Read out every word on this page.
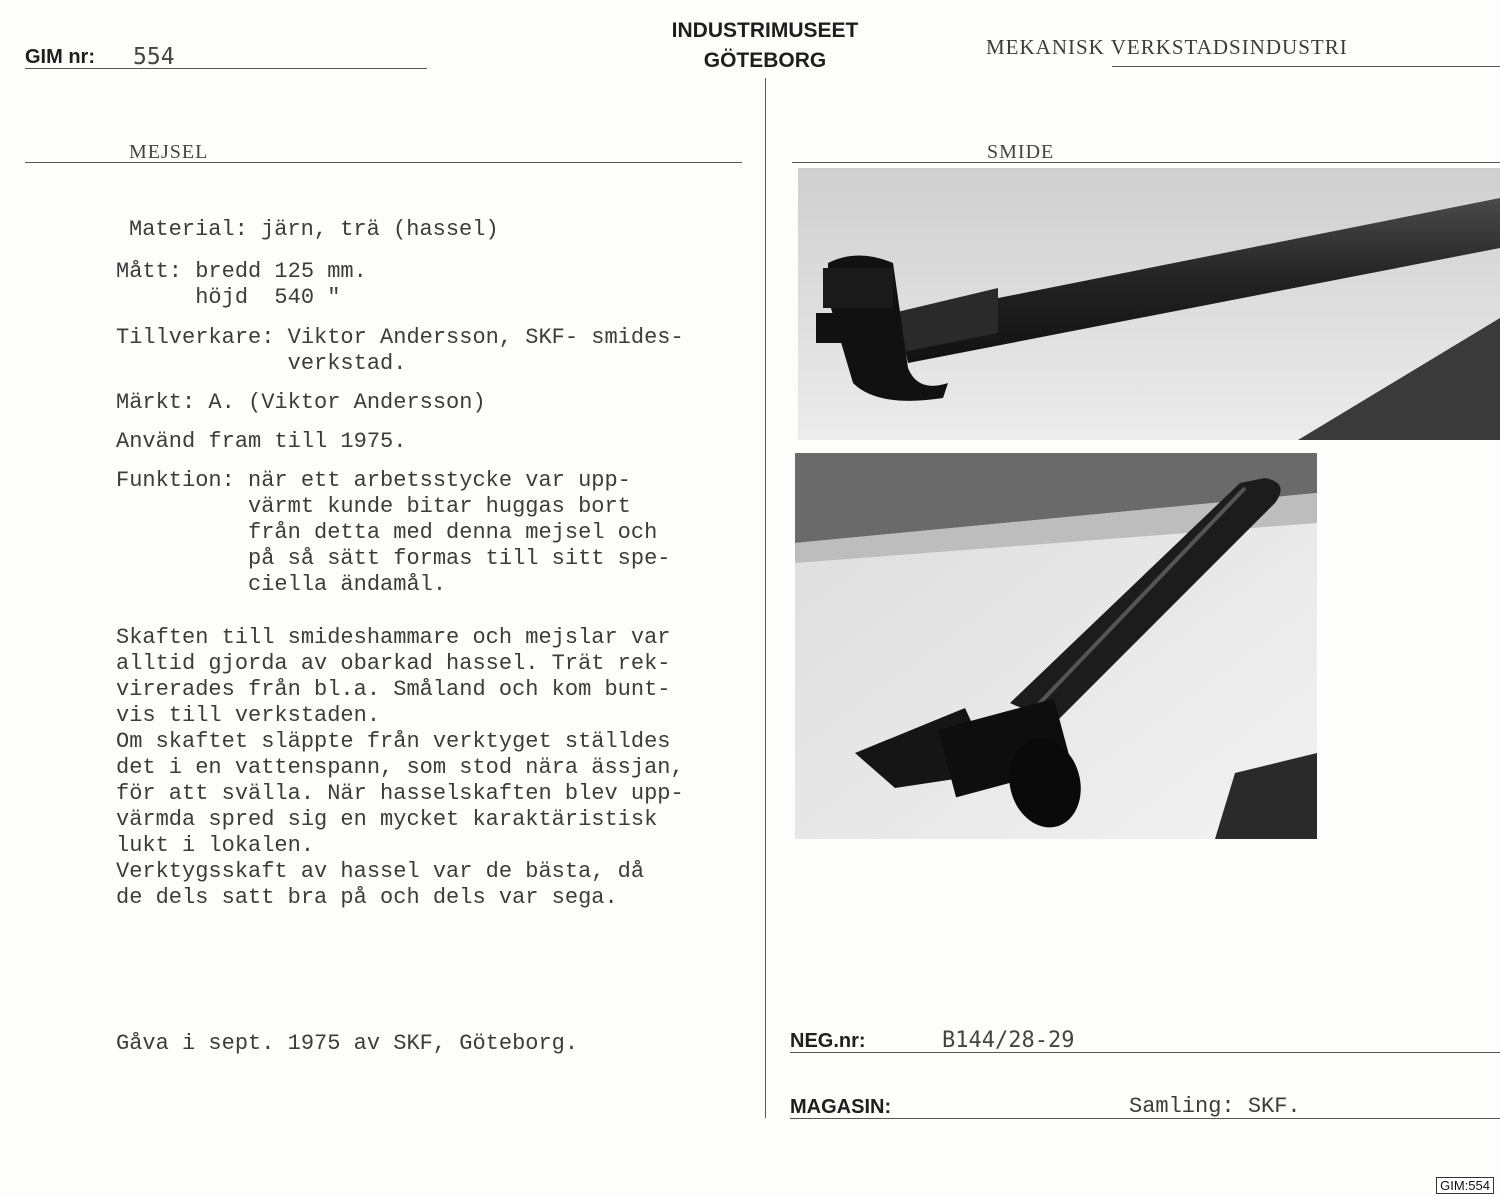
INDUSTRIMUSEET
GÖTEBORG
GIM nr: 554	MEKANISK VERKSTADSINDUSTRI
MEJSEL	SMIDE
Material: järn, trä (hassel)
Mått: bredd 125 mm.
höjd  540 "
Tillverkare: Viktor Andersson, SKF- smides-
verkstad.
Märkt: A. (Viktor Andersson)
Använd fram till 1975.
Funktion: när ett arbetsstycke var upp-
värmt kunde bitar huggas bort
från detta med denna mejsel och
på så sätt formas till sitt spe-
ciella ändamål.
Skaften till smideshammare och mejslar var
alltid gjorda av obarkad hassel. Trät rek-
virerades från bl.a. Småland och kom bunt-
vis till verkstaden.
Om skaftet släppte från verktyget ställdes
det i en vattenspann, som stod nära ässjan,
för att svälla. När hasselskaften blev upp-
värmda spred sig en mycket karaktäristisk
lukt i lokalen.
Verktygsskaft av hassel var de bästa, då
de dels satt bra på och dels var sega.
Gåva i sept. 1975 av SKF, Göteborg.	NEG.nr:	B144/28-29
MAGASIN:	Samling: SKF.
GIM:554
